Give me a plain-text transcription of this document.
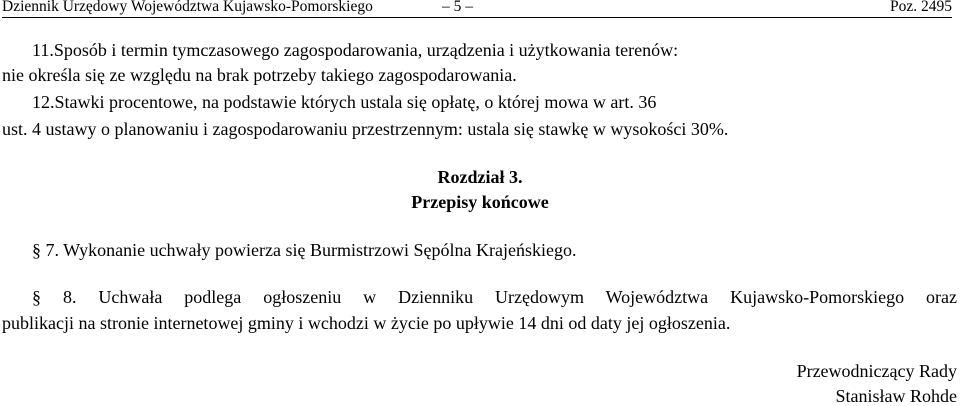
Dziennik Urzędowy Województwa Kujawsko-Pomorskiego	– 5 –	Poz. 2495
11.Sposób i termin tymczasowego zagospodarowania, urządzenia i użytkowania terenów:
nie określa się ze względu na brak potrzeby takiego zagospodarowania.
12.Stawki procentowe, na podstawie których ustala się opłatę, o której mowa w art. 36
ust. 4 ustawy o planowaniu i zagospodarowaniu przestrzennym: ustala się stawkę w wysokości 30%.
Rozdział 3.
Przepisy końcowe
§ 7. Wykonanie uchwały powierza się Burmistrzowi Sępólna Krajeńskiego.
§ 8. Uchwała podlega ogłoszeniu w Dzienniku Urzędowym Województwa Kujawsko-Pomorskiego oraz
publikacji na stronie internetowej gminy i wchodzi w życie po upływie 14 dni od daty jej ogłoszenia.
Przewodniczący Rady
Stanisław Rohde
